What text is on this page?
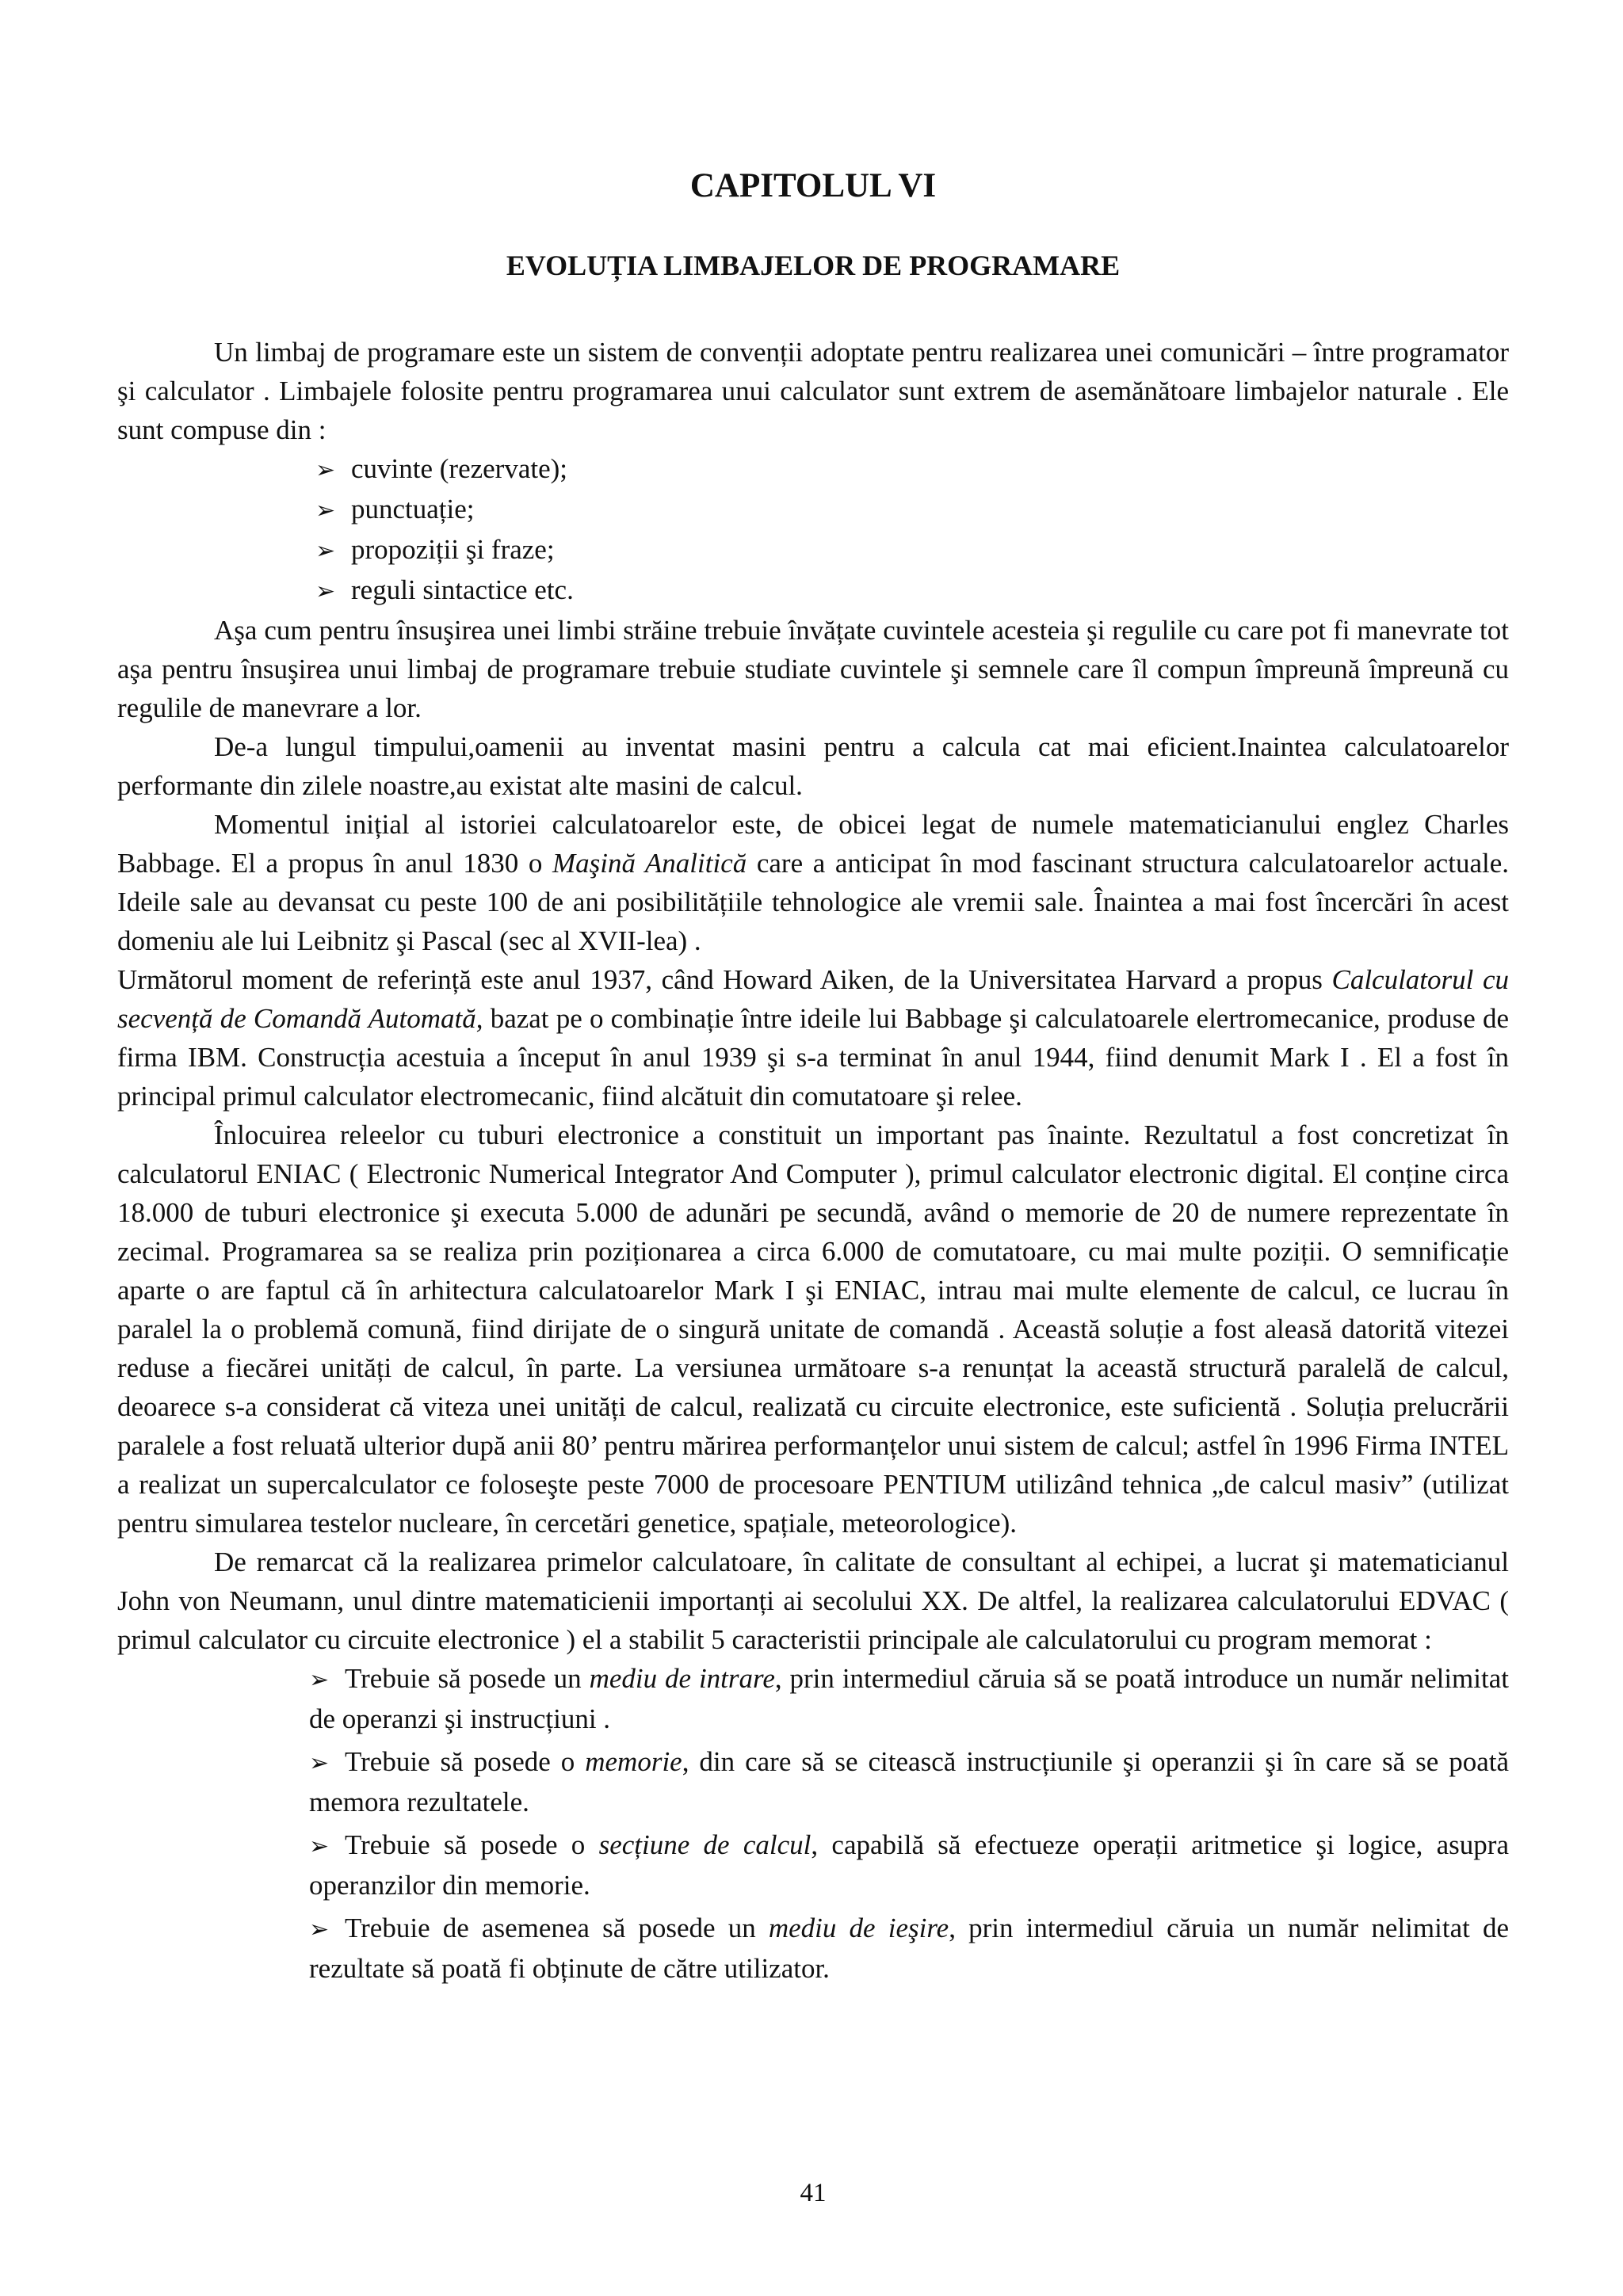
CAPITOLUL VI
EVOLUȚIA LIMBAJELOR DE PROGRAMARE

Un limbaj de programare este un sistem de convenții adoptate pentru realizarea unei comunicări – între programator şi calculator . Limbajele folosite pentru programarea unui calculator sunt extrem de asemănătoare limbajelor naturale . Ele sunt compuse din :

➢ cuvinte (rezervate);
➢ punctuație;
➢ propoziții şi fraze;
➢ reguli sintactice etc.

Aşa cum pentru însuşirea unei limbi străine trebuie învățate cuvintele acesteia şi regulile cu care pot fi manevrate tot aşa pentru însuşirea unui limbaj de programare trebuie studiate cuvintele şi semnele care îl compun împreună împreună cu regulile de manevrare a lor.

De-a lungul timpului,oamenii au inventat masini pentru a calcula cat mai eficient.Inaintea calculatoarelor performante din zilele noastre,au existat alte masini de calcul.

Momentul inițial al istoriei calculatoarelor este, de obicei legat de numele matematicianului englez Charles Babbage. El a propus în anul 1830 o Maşină Analitică care a anticipat în mod fascinant structura calculatoarelor actuale. Ideile sale au devansat cu peste 100 de ani posibilitățiile tehnologice ale vremii sale. Înaintea a mai fost încercări în acest domeniu ale lui Leibnitz şi Pascal (sec al XVII-lea) .

Următorul moment de referință este anul 1937, când Howard Aiken, de la Universitatea Harvard a propus Calculatorul cu secvență de Comandă Automată, bazat pe o combinație între ideile lui Babbage şi calculatoarele elertromecanice, produse de firma IBM. Construcția acestuia a început în anul 1939 şi s-a terminat în anul 1944, fiind denumit Mark I . El a fost în principal primul calculator electromecanic, fiind alcătuit din comutatoare şi relee.

Înlocuirea releelor cu tuburi electronice a constituit un important pas înainte. Rezultatul a fost concretizat în calculatorul ENIAC ( Electronic Numerical Integrator And Computer ), primul calculator electronic digital. El conține circa 18.000 de tuburi electronice şi executa 5.000 de adunări pe secundă, având o memorie de 20 de numere reprezentate în zecimal. Programarea sa se realiza prin poziționarea a circa 6.000 de comutatoare, cu mai multe poziții. O semnificație aparte o are faptul că în arhitectura calculatoarelor Mark I şi ENIAC, intrau mai multe elemente de calcul, ce lucrau în paralel la o problemă comună, fiind dirijate de o singură unitate de comandă . Această soluție a fost aleasă datorită vitezei reduse a fiecărei unități de calcul, în parte. La versiunea următoare s-a renunțat la această structură paralelă de calcul, deoarece s-a considerat că viteza unei unități de calcul, realizată cu circuite electronice, este suficientă . Soluția prelucrării paralele a fost reluată ulterior după anii 80’ pentru mărirea performanțelor unui sistem de calcul; astfel în 1996 Firma INTEL a realizat un supercalculator ce foloseşte peste 7000 de procesoare PENTIUM utilizând tehnica „de calcul masiv” (utilizat pentru simularea testelor nucleare, în cercetări genetice, spațiale, meteorologice).

De remarcat că la realizarea primelor calculatoare, în calitate de consultant al echipei, a lucrat şi matematicianul John von Neumann, unul dintre matematicienii importanți ai secolului XX. De altfel, la realizarea calculatorului EDVAC ( primul calculator cu circuite electronice ) el a stabilit 5 caracteristii principale ale calculatorului cu program memorat :

➢ Trebuie să posede un mediu de intrare, prin intermediul căruia să se poată introduce un număr nelimitat de operanzi şi instrucțiuni .
➢ Trebuie să posede o memorie, din care să se citească instrucțiunile şi operanzii şi în care să se poată memora rezultatele.
➢ Trebuie să posede o secțiune de calcul, capabilă să efectueze operații aritmetice şi logice, asupra operanzilor din memorie.
➢ Trebuie de asemenea să posede un mediu de ieşire, prin intermediul căruia un număr nelimitat de rezultate să poată fi obținute de către utilizator.
41
